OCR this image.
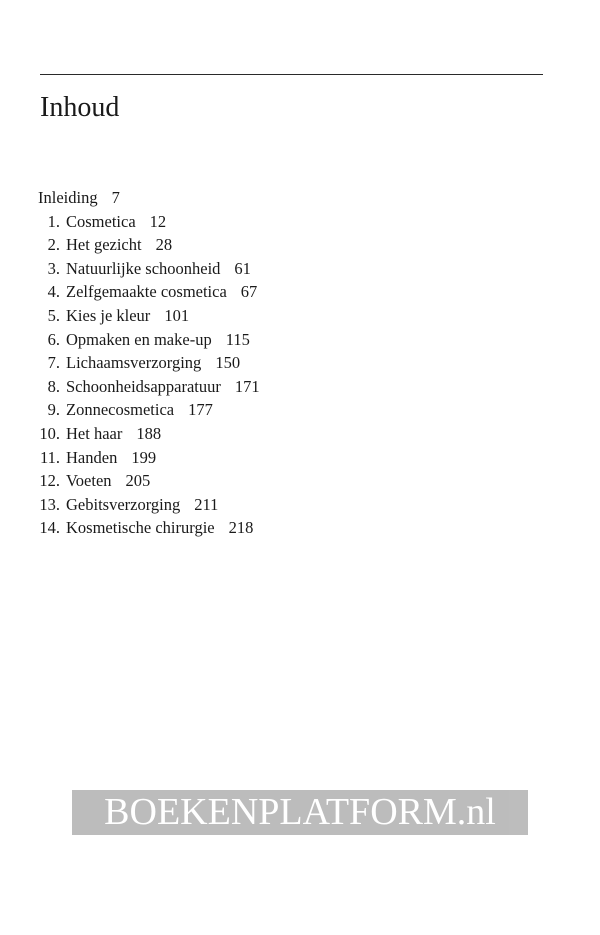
Inhoud
Inleiding 7
1. Cosmetica 12
2. Het gezicht 28
3. Natuurlijke schoonheid 61
4. Zelfgemaakte cosmetica 67
5. Kies je kleur 101
6. Opmaken en make-up 115
7. Lichaamsverzorging 150
8. Schoonheidsapparatuur 171
9. Zonnecosmetica 177
10. Het haar 188
11. Handen 199
12. Voeten 205
13. Gebitsverzorging 211
14. Kosmetische chirurgie 218
BOEKENPLATFORM.nl
